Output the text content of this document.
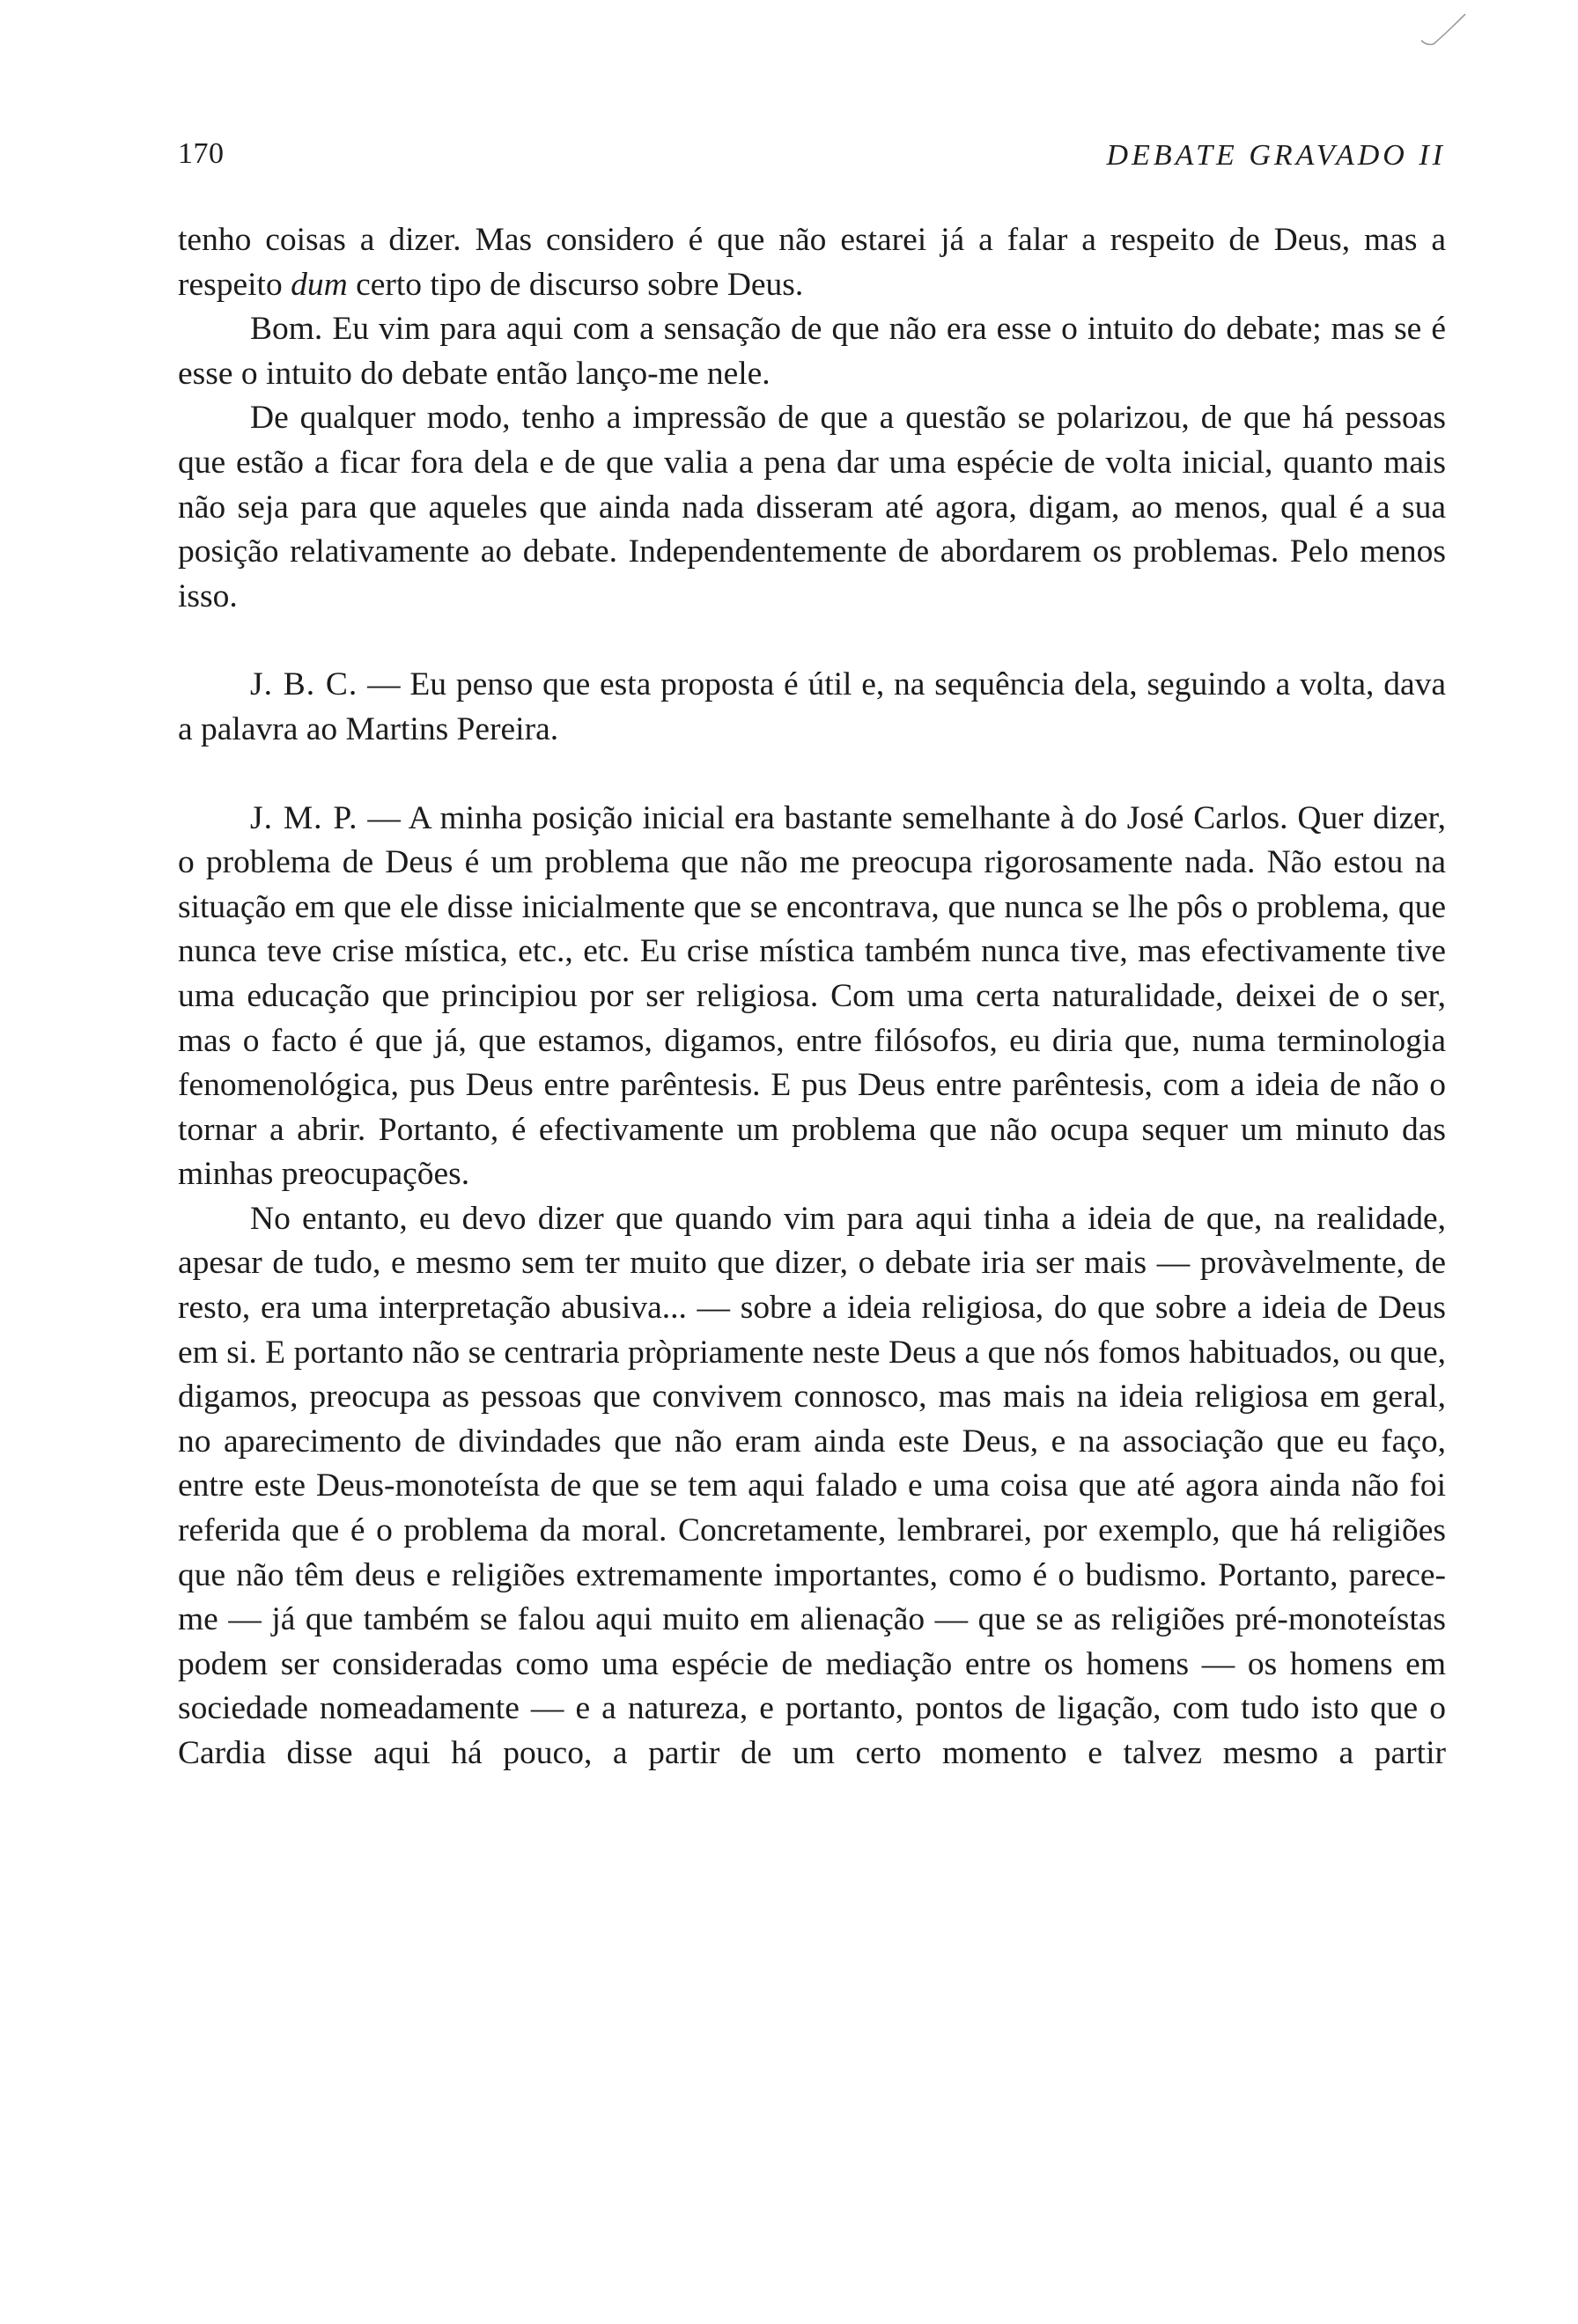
170	DEBATE GRAVADO II

tenho coisas a dizer. Mas considero é que não estarei já a falar a respeito de Deus, mas a respeito dum certo tipo de discurso sobre Deus.

Bom. Eu vim para aqui com a sensação de que não era esse o intuito do debate; mas se é esse o intuito do debate então lanço-me nele.

De qualquer modo, tenho a impressão de que a questão se polarizou, de que há pessoas que estão a ficar fora dela e de que valia a pena dar uma espécie de volta inicial, quanto mais não seja para que aqueles que ainda nada disseram até agora, digam, ao menos, qual é a sua posição relativamente ao debate. Independentemente de abordarem os problemas. Pelo menos isso.

J. B. C. — Eu penso que esta proposta é útil e, na sequência dela, seguindo a volta, dava a palavra ao Martins Pereira.

J. M. P. — A minha posição inicial era bastante semelhante à do José Carlos. Quer dizer, o problema de Deus é um problema que não me preocupa rigorosamente nada. Não estou na situação em que ele disse inicialmente que se encontrava, que nunca se lhe pôs o problema, que nunca teve crise mística, etc., etc. Eu crise mística também nunca tive, mas efectivamente tive uma educação que principiou por ser religiosa. Com uma certa naturalidade, deixei de o ser, mas o facto é que já, que estamos, digamos, entre filósofos, eu diria que, numa terminologia fenomenológica, pus Deus entre parêntesis. E pus Deus entre parêntesis, com a ideia de não o tornar a abrir. Portanto, é efectivamente um problema que não ocupa sequer um minuto das minhas preocupações.

No entanto, eu devo dizer que quando vim para aqui tinha a ideia de que, na realidade, apesar de tudo, e mesmo sem ter muito que dizer, o debate iria ser mais — provàvelmente, de resto, era uma interpretação abusiva... — sobre a ideia religiosa, do que sobre a ideia de Deus em si. E portanto não se centraria pròpriamente neste Deus a que nós fomos habituados, ou que, digamos, preocupa as pessoas que convivem connosco, mas mais na ideia religiosa em geral, no aparecimento de divindades que não eram ainda este Deus, e na associação que eu faço, entre este Deus-monoteísta de que se tem aqui falado e uma coisa que até agora ainda não foi referida que é o problema da moral. Concretamente, lembrarei, por exemplo, que há religiões que não têm deus e religiões extremamente importantes, como é o budismo. Portanto, parece-me — já que também se falou aqui muito em alienação — que se as religiões pré-monoteístas podem ser consideradas como uma espécie de mediação entre os homens — os homens em sociedade nomeadamente — e a natureza, e portanto, pontos de ligação, com tudo isto que o Cardia disse aqui há pouco, a partir de um certo momento e talvez mesmo a partir
